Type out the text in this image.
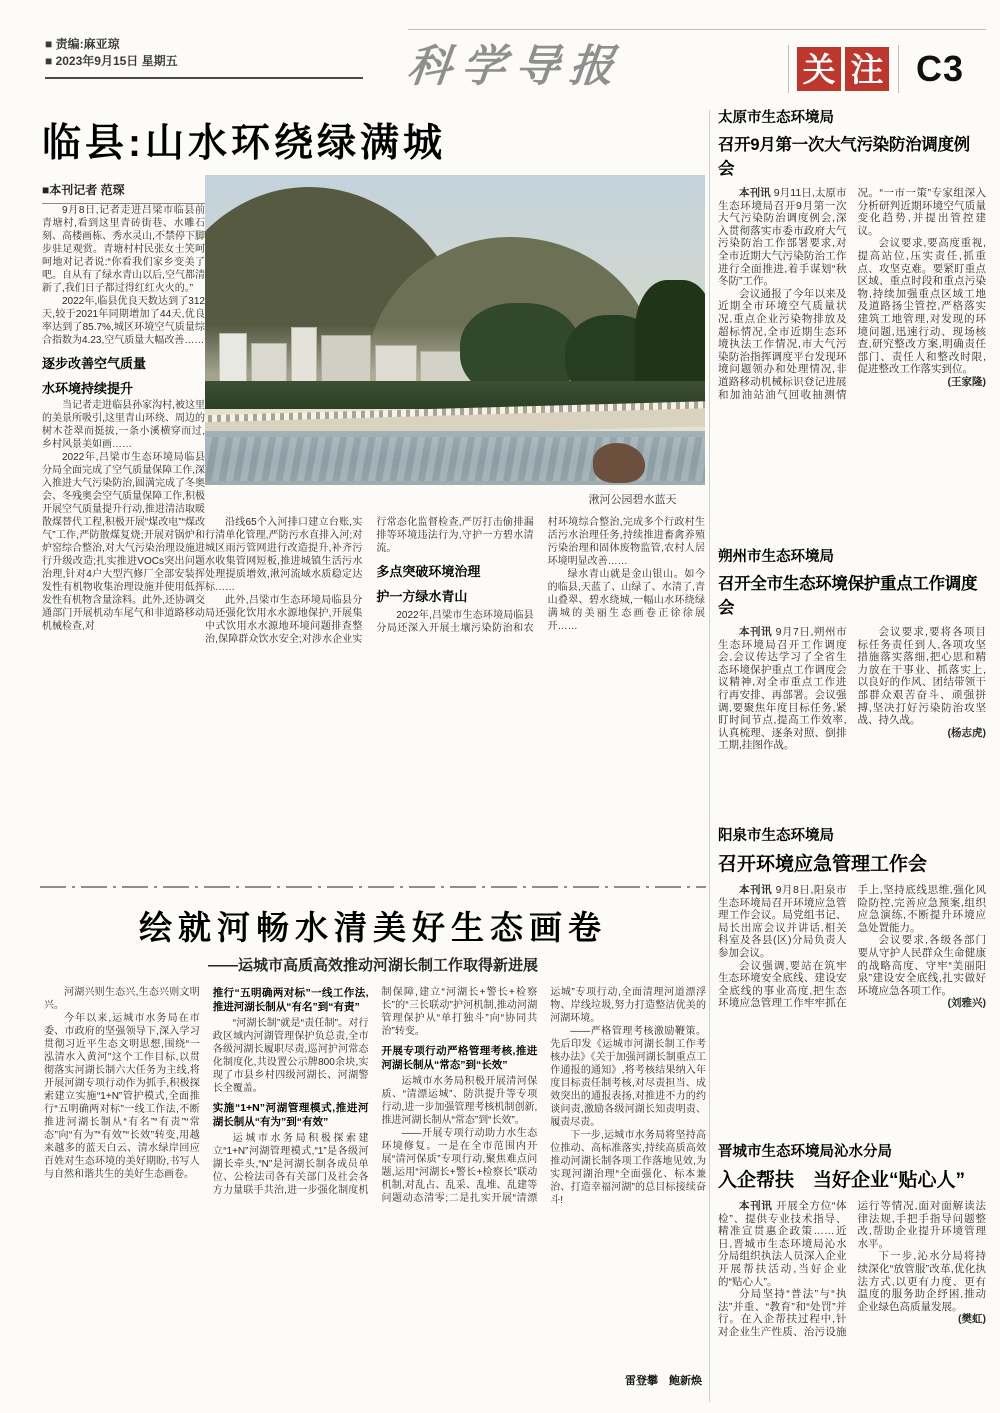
■ 责编:麻亚琼
■ 2023年9月15日 星期五	科学导报	关 注 C3
临县:山水环绕绿满城
■本刊记者 范琛
湫河公园碧水蓝天

9月8日,记者走进吕梁市临县前青塘村,看到这里青砖街巷、水雕石刻、高楼画栋、秀水灵山,不禁停下脚步驻足观赏。青塘村村民张女士笑呵呵地对记者说:“你看我们家乡变美了吧。自从有了绿水青山以后,空气都清新了,我们日子都过得红红火火的。”

2022年,临县优良天数达到了312天,较于2021年同期增加了44天,优良率达到了85.7%,城区环境空气质量综合指数为4.23,空气质量大幅改善……

逐步改善空气质量

水环境持续提升

当记者走进临县孙家沟村,被这里的美景所吸引,这里青山环绕、周边的树木苍翠而挺拔,一条小溪横穿而过,乡村风景美如画……

2022年,吕梁市生态环境局临县分局全面完成了空气质量保障工作,深入推进大气污染防治,圆满完成了冬奥会、冬残奥会空气质量保障工作,积极开展空气质量提升行动,推进清洁取暖散煤替代工程,积极开展“煤改电”“煤改气”工作,严防散煤复烧;开展对锅炉和炉窑综合整治,对大气污染治理设施进行升级改造;扎实推进VOCs突出问题治理,针对4户大型汽修厂全部安装挥发性有机物收集治理设施并使用低挥发性有机物含量涂料。此外,还协调交通部门开展机动车尾气和非道路移动机械检查,对

沿线65个入河排口建立台账,实行清单化管理,严防污水直排入河;对城区雨污管网进行改造提升,补齐污水收集管网短板,推进城镇生活污水处理提质增效,湫河流域水质稳定达标……

此外,吕梁市生态环境局临县分局还强化饮用水水源地保护,开展集中式饮用水水源地环境问题排查整治,保障群众饮水安全;对涉水企业实行常态化监督检查,严厉打击偷排漏排等环境违法行为,守护一方碧水清流。

多点突破环境治理

护一方绿水青山

2022年,吕梁市生态环境局临县分局还深入开展土壤污染防治和农村环境综合整治,完成多个行政村生活污水治理任务,持续推进畜禽养殖污染治理和固体废物监管,农村人居环境明显改善……

绿水青山就是金山银山。如今的临县,天蓝了、山绿了、水清了,青山叠翠、碧水绕城,一幅山水环绕绿满城的美丽生态画卷正徐徐展开……

绘就河畅水清美好生态画卷
——运城市高质高效推动河湖长制工作取得新进展

河湖兴则生态兴,生态兴则文明兴。

今年以来,运城市水务局在市委、市政府的坚强领导下,深入学习贯彻习近平生态文明思想,围绕“一泓清水入黄河”这个工作目标,以贯彻落实河湖长制六大任务为主线,将开展河湖专项行动作为抓手,积极探索建立实施“1+N”管护模式,全面推行“五明确两对标”一线工作法,不断推进河湖长制从“有名”“有责”“常态”向“有为”“有效”“长效”转变,用越来越多的蓝天白云、清水绿岸回应百姓对生态环境的美好期盼,书写人与自然和谐共生的美好生态画卷。

推行“五明确两对标”一线工作法,推进河湖长制从“有名”到“有责”

“河湖长制”就是“责任制”。对行政区域内河湖管理保护负总责,全市各级河湖长履职尽责,巡河护河常态化制度化,共设置公示牌800余块,实现了市县乡村四级河湖长、河湖警长全覆盖。

实施“1+N”河湖管理模式,推进河湖长制从“有为”到“有效”

运城市水务局积极探索建立“1+N”河湖管理模式,“1”是各级河湖长牵头,“N”是河湖长制各成员单位、公检法司各有关部门及社会各方力量联手共治,进一步强化制度机制保障,建立“河湖长+警长+检察长”的“三长联动”护河机制,推动河湖管理保护从“单打独斗”向“协同共治”转变。

开展专项行动严格管理考核,推进河湖长制从“常态”到“长效”

运城市水务局积极开展清河保质、“清漂运城”、防洪提升等专项行动,进一步加强管理考核机制创新,推进河湖长制从“常态”到“长效”。

——开展专项行动助力水生态环境修复。一是在全市范围内开展“清河保质”专项行动,聚焦难点问题,运用“河湖长+警长+检察长”联动机制,对乱占、乱采、乱堆、乱建等问题动态清零;二是扎实开展“清漂运城”专项行动,全面清理河道漂浮物、岸线垃圾,努力打造整洁优美的河湖环境。

——严格管理考核激励鞭策。先后印发《运城市河湖长制工作考核办法》《关于加强河湖长制重点工作通报的通知》,将考核结果纳入年度目标责任制考核,对尽责担当、成效突出的通报表扬,对推进不力的约谈问责,激励各级河湖长知责明责、履责尽责。

下一步,运城市水务局将坚持高位推动、高标准落实,持续高质高效推动河湖长制各项工作落地见效,为实现河湖治理“全面强化、标本兼治、打造幸福河湖”的总目标接续奋斗!

雷登攀　鲍新焕
太原市生态环境局
召开9月第一次大气污染防治调度例会

本刊讯 9月11日,太原市生态环境局召开9月第一次大气污染防治调度例会,深入贯彻落实市委市政府大气污染防治工作部署要求,对全市近期大气污染防治工作进行全面推进,着手谋划“秋冬防”工作。

会议通报了今年以来及近期全市环境空气质量状况,重点企业污染物排放及超标情况,全市近期生态环境执法工作情况,市大气污染防治指挥调度平台发现环境问题领办和处理情况,非道路移动机械标识登记进展和加油站油气回收抽测情况。“一市一策”专家组深入分析研判近期环境空气质量变化趋势,并提出管控建议。

会议要求,要高度重视,提高站位,压实责任,抓重点、攻坚克难。要紧盯重点区域、重点时段和重点污染物,持续加强重点区域工地及道路扬尘管控,严格落实建筑工地管理,对发现的环境问题,迅速行动、现场核查,研究整改方案,明确责任部门、责任人和整改时限,促进整改工作落实到位。

(王家隆)

朔州市生态环境局
召开全市生态环境保护重点工作调度会

本刊讯 9月7日,朔州市生态环境局召开工作调度会,会议传达学习了全省生态环境保护重点工作调度会议精神,对全市重点工作进行再安排、再部署。会议强调,要聚焦年度目标任务,紧盯时间节点,提高工作效率,认真梳理、逐条对照、倒排工期,挂图作战。

会议要求,要将各项目标任务责任到人,各项攻坚措施落实落细,把心思和精力放在干事业、抓落实上,以良好的作风、团结带领干部群众艰苦奋斗、顽强拼搏,坚决打好污染防治攻坚战、持久战。

(杨志虎)

阳泉市生态环境局
召开环境应急管理工作会

本刊讯 9月8日,阳泉市生态环境局召开环境应急管理工作会议。局党组书记、局长出席会议并讲话,相关科室及各县(区)分局负责人参加会议。

会议强调,要站在筑牢生态环境安全底线、建设安全底线的事业高度,把生态环境应急管理工作牢牢抓在手上,坚持底线思维,强化风险防控,完善应急预案,组织应急演练,不断提升环境应急处置能力。

会议要求,各级各部门要从守护人民群众生命健康的战略高度、守牢“美丽阳泉”建设安全底线,扎实做好环境应急各项工作。

(刘雅兴)

晋城市生态环境局沁水分局
入企帮扶　当好企业“贴心人”

本刊讯 开展全方位“体检”、提供专业技术指导、精准宣贯惠企政策……近日,晋城市生态环境局沁水分局组织执法人员深入企业开展帮扶活动,当好企业的“贴心人”。

分局坚持“普法”与“执法”并重、“教育”和“处罚”并行。在入企帮扶过程中,针对企业生产性质、治污设施运行等情况,面对面解读法律法规,手把手指导问题整改,帮助企业提升环境管理水平。

下一步,沁水分局将持续深化“放管服”改革,优化执法方式,以更有力度、更有温度的服务助企纾困,推动企业绿色高质量发展。

(樊虹)
